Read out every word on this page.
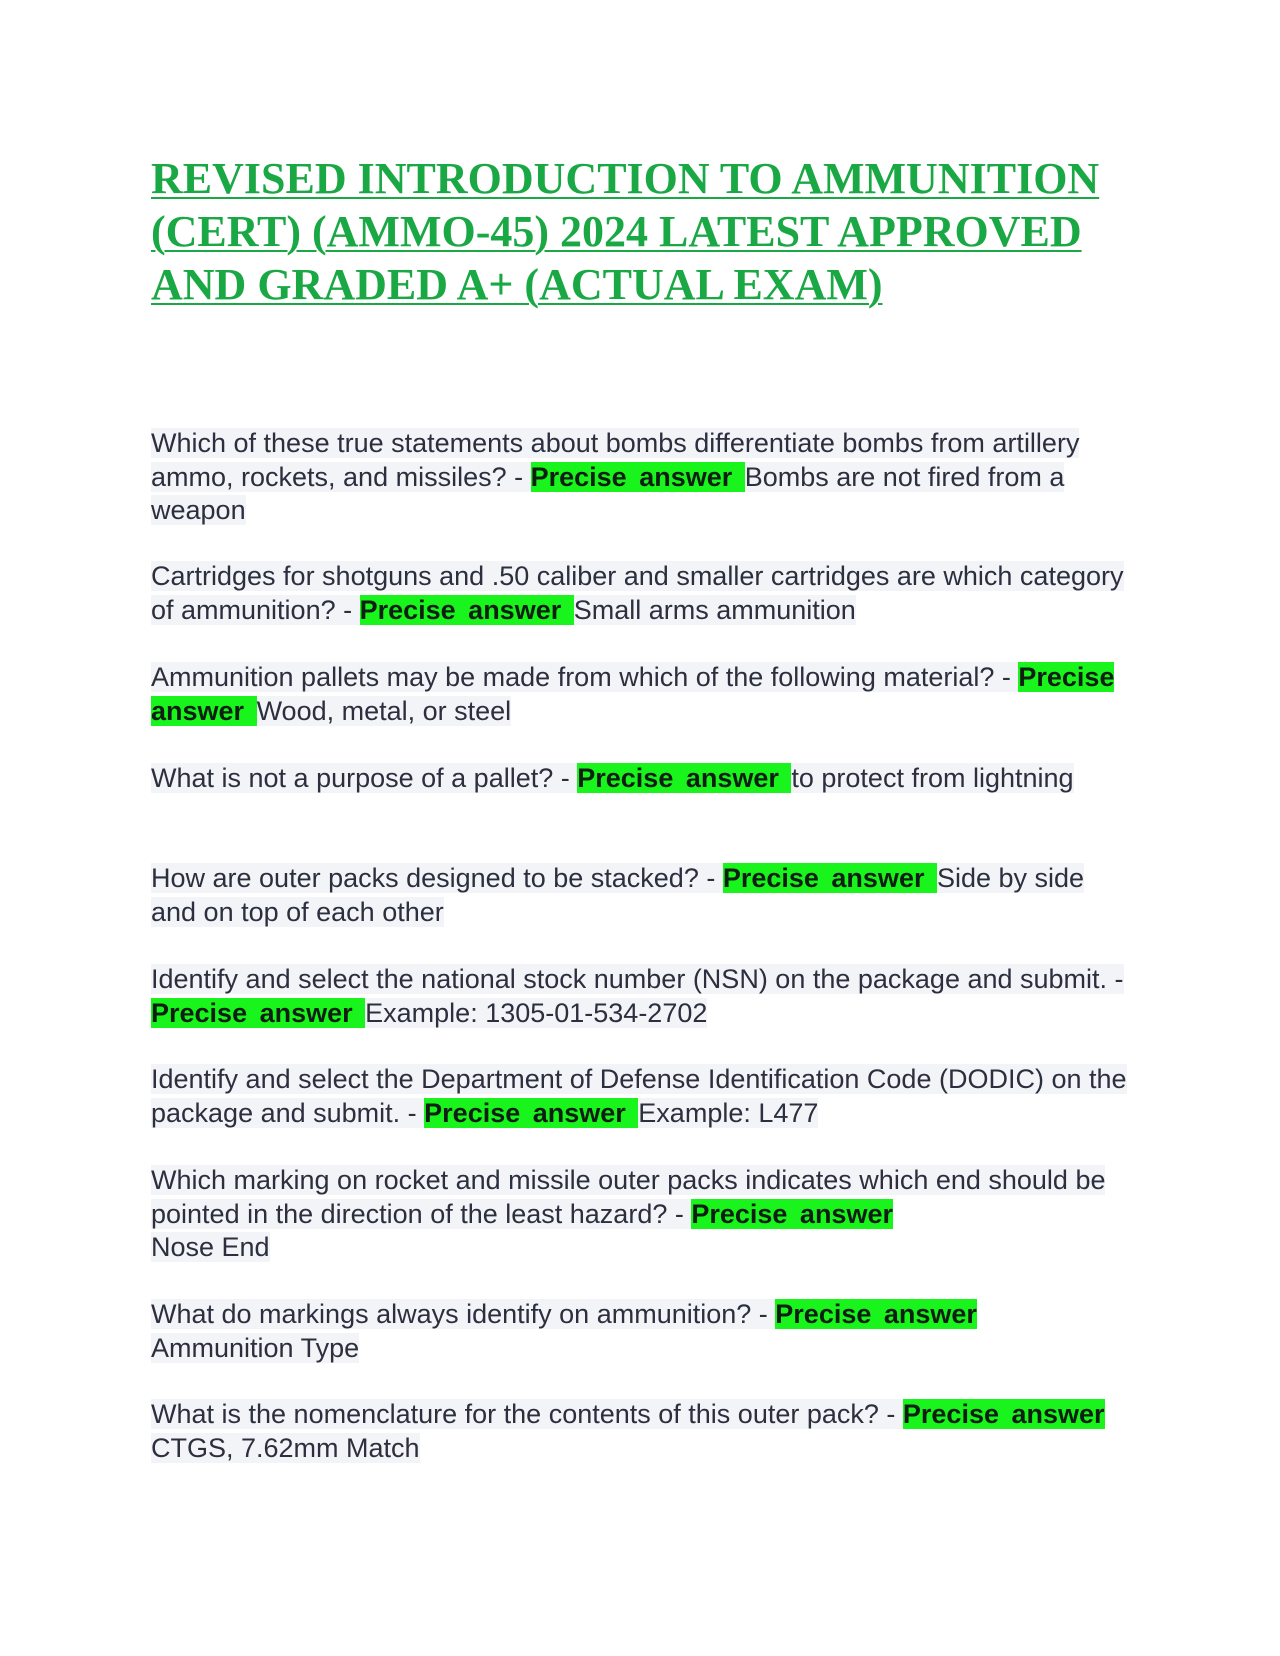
REVISED INTRODUCTION TO AMMUNITION (CERT) (AMMO-45) 2024 LATEST APPROVED AND GRADED A+ (ACTUAL EXAM)

Which of these true statements about bombs differentiate bombs from artillery ammo, rockets, and missiles? - Precise answer Bombs are not fired from a weapon

Cartridges for shotguns and .50 caliber and smaller cartridges are which category of ammunition? - Precise answer Small arms ammunition

Ammunition pallets may be made from which of the following material? - Precise answer Wood, metal, or steel

What is not a purpose of a pallet? - Precise answer to protect from lightning

How are outer packs designed to be stacked? - Precise answer Side by side and on top of each other

Identify and select the national stock number (NSN) on the package and submit. - Precise answer Example: 1305-01-534-2702

Identify and select the Department of Defense Identification Code (DODIC) on the package and submit. - Precise answer Example: L477

Which marking on rocket and missile outer packs indicates which end should be pointed in the direction of the least hazard? - Precise answer
Nose End

What do markings always identify on ammunition? - Precise answer
Ammunition Type

What is the nomenclature for the contents of this outer pack? - Precise answer CTGS, 7.62mm Match
